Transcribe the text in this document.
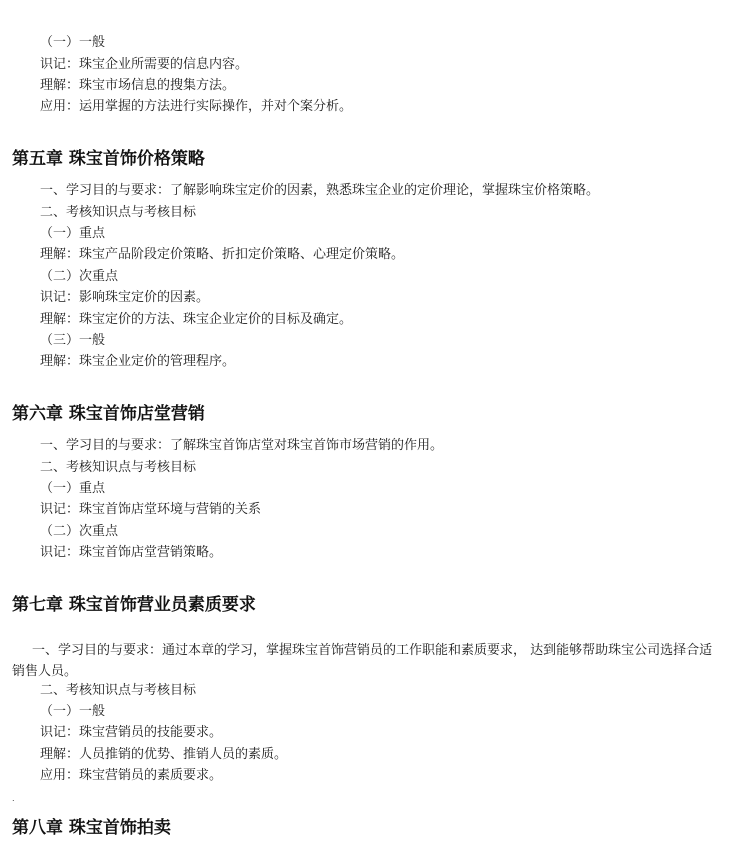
（一）一般
识记：珠宝企业所需要的信息内容。
理解：珠宝市场信息的搜集方法。
应用：运用掌握的方法进行实际操作，并对个案分析。
第五章 珠宝首饰价格策略
一、学习目的与要求：了解影响珠宝定价的因素，熟悉珠宝企业的定价理论，掌握珠宝价格策略。
二、考核知识点与考核目标
（一）重点
理解：珠宝产品阶段定价策略、折扣定价策略、心理定价策略。
（二）次重点
识记：影响珠宝定价的因素。
理解：珠宝定价的方法、珠宝企业定价的目标及确定。
（三）一般
理解：珠宝企业定价的管理程序。
第六章 珠宝首饰店堂营销
一、学习目的与要求：了解珠宝首饰店堂对珠宝首饰市场营销的作用。
二、考核知识点与考核目标
（一）重点
识记：珠宝首饰店堂环境与营销的关系
（二）次重点
识记：珠宝首饰店堂营销策略。
第七章 珠宝首饰营业员素质要求
一、学习目的与要求：通过本章的学习，掌握珠宝首饰营销员的工作职能和素质要求， 达到能够帮助珠宝公司选择合适销售人员。
二、考核知识点与考核目标
（一）一般
识记：珠宝营销员的技能要求。
理解：人员推销的优势、推销人员的素质。
应用：珠宝营销员的素质要求。
.
第八章 珠宝首饰拍卖
